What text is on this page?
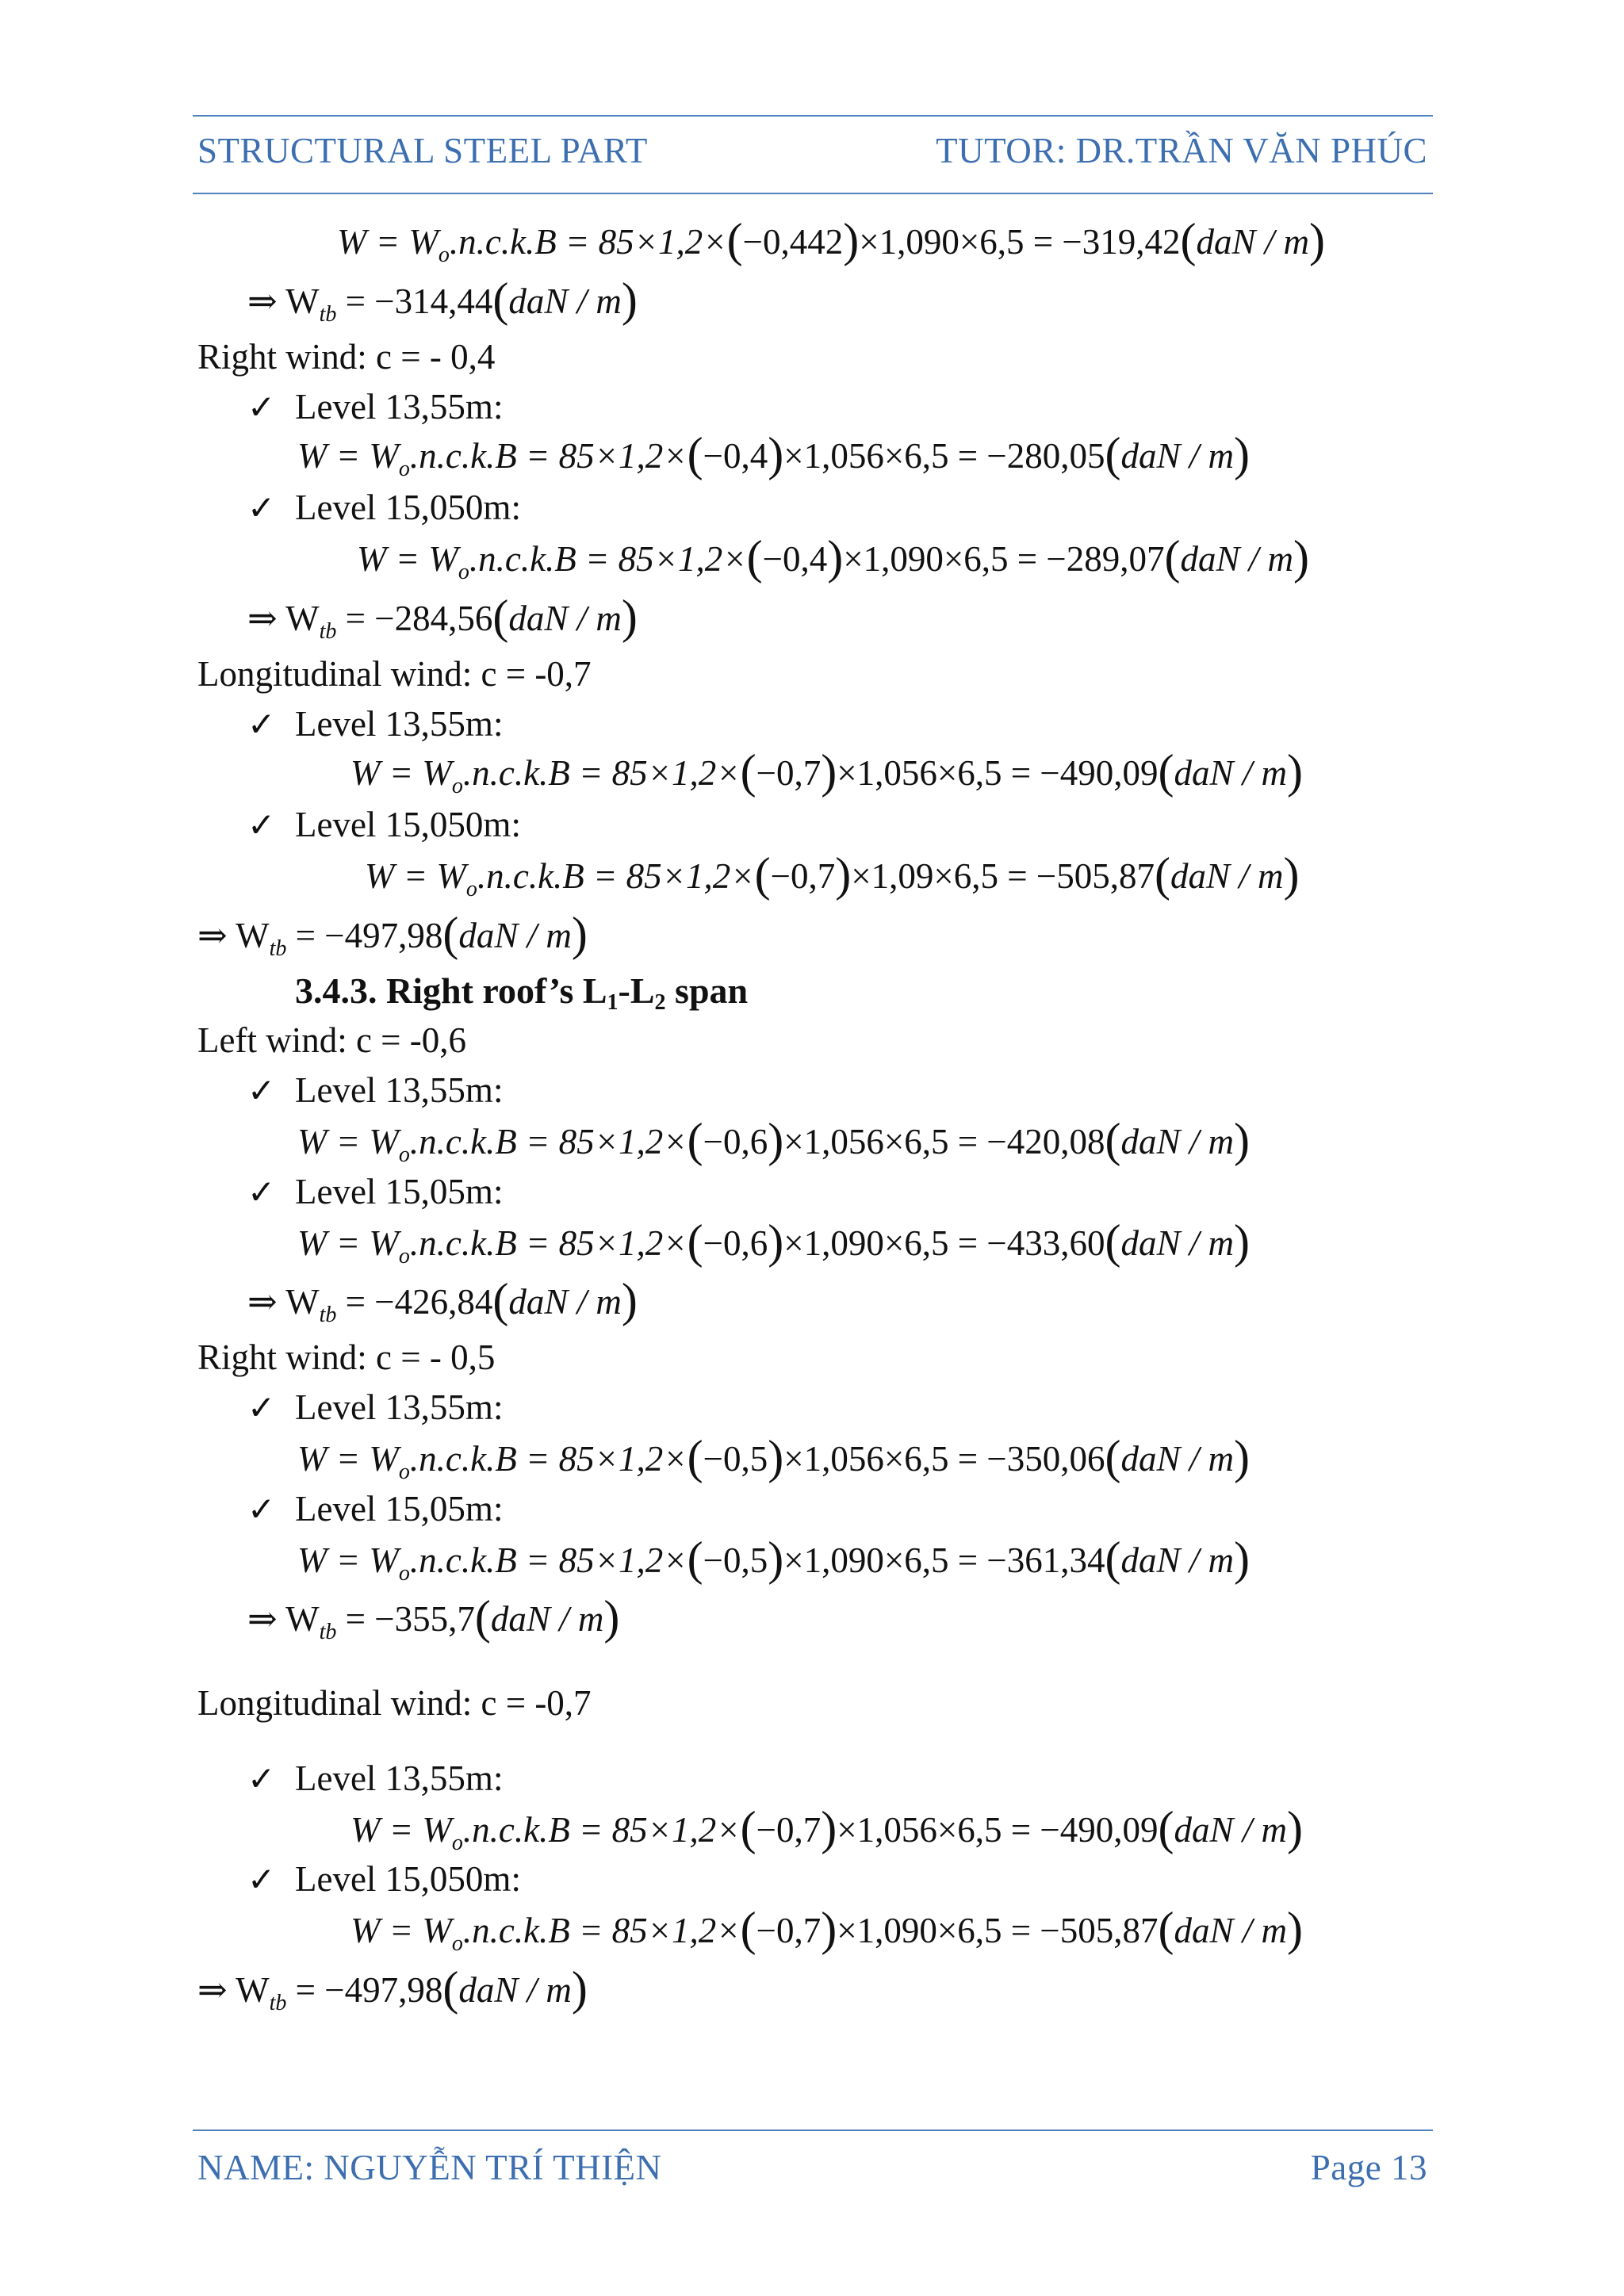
STRUCTURAL STEEL PART	TUTOR: DR.TRẦN VĂN PHÚC
$W = W_o.n.c.k.B = 85\times 1,2\times(-0,442)\times 1,090\times 6,5 = -319,42(daN / m)$
⇒ $W_{tb} = -314,44(daN / m)$
Right wind: c = - 0,4
✓ Level 13,55m:
$W = W_o.n.c.k.B = 85\times 1,2\times(-0,4)\times 1,056\times 6,5 = -280,05(daN / m)$
✓ Level 15,050m:
$W = W_o.n.c.k.B = 85\times 1,2\times(-0,4)\times 1,090\times 6,5 = -289,07(daN / m)$
⇒ $W_{tb} = -284,56(daN / m)$
Longitudinal wind: c = -0,7
✓ Level 13,55m:
$W = W_o.n.c.k.B = 85\times 1,2\times(-0,7)\times 1,056\times 6,5 = -490,09(daN / m)$
✓ Level 15,050m:
$W = W_o.n.c.k.B = 85\times 1,2\times(-0,7)\times 1,09\times 6,5 = -505,87(daN / m)$
⇒ $W_{tb} = -497,98(daN / m)$
3.4.3. Right roof’s $L_1-L_2$ span
Left wind: c = -0,6
✓ Level 13,55m:
$W = W_o.n.c.k.B = 85\times 1,2\times(-0,6)\times 1,056\times 6,5 = -420,08(daN / m)$
✓ Level 15,05m:
$W = W_o.n.c.k.B = 85\times 1,2\times(-0,6)\times 1,090\times 6,5 = -433,60(daN / m)$
⇒ $W_{tb} = -426,84(daN / m)$
Right wind: c = - 0,5
✓ Level 13,55m:
$W = W_o.n.c.k.B = 85\times 1,2\times(-0,5)\times 1,056\times 6,5 = -350,06(daN / m)$
✓ Level 15,05m:
$W = W_o.n.c.k.B = 85\times 1,2\times(-0,5)\times 1,090\times 6,5 = -361,34(daN / m)$
⇒ $W_{tb} = -355,7(daN / m)$
Longitudinal wind: c = -0,7
✓ Level 13,55m:
$W = W_o.n.c.k.B = 85\times 1,2\times(-0,7)\times 1,056\times 6,5 = -490,09(daN / m)$
✓ Level 15,050m:
$W = W_o.n.c.k.B = 85\times 1,2\times(-0,7)\times 1,090\times 6,5 = -505,87(daN / m)$
⇒ $W_{tb} = -497,98(daN / m)$
NAME: NGUYỄN TRÍ THIỆN	Page 13
